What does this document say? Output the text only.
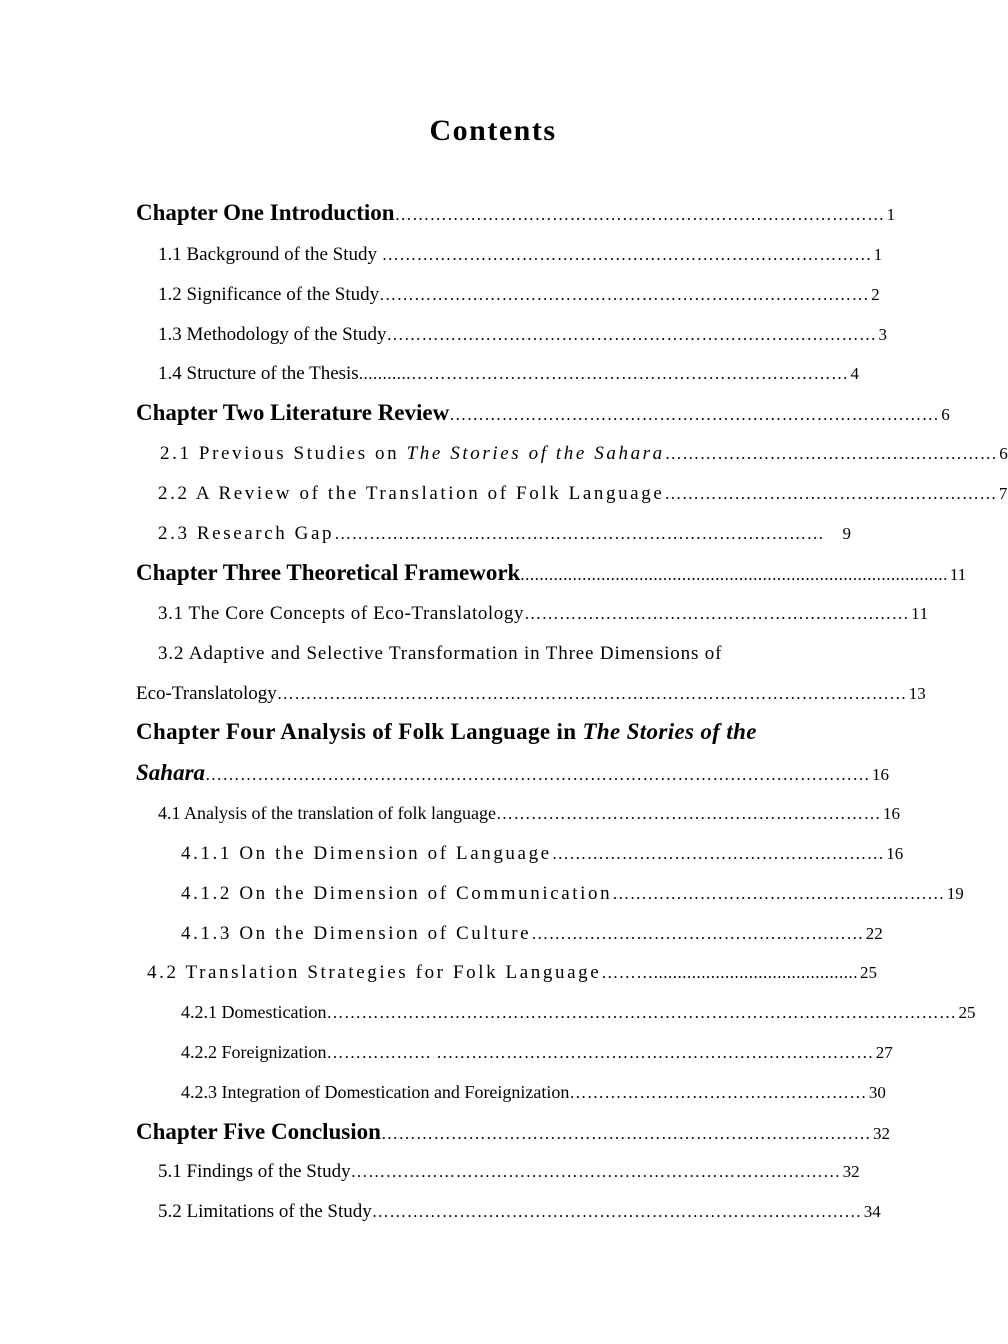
Contents
Chapter One Introduction ………………………………………………………………………… 1
1.1 Background of the Study ………………………………………………………………………… 1
1.2 Significance of the Study ………………………………………………………………………… 2
1.3 Methodology of the Study ………………………………………………………………………… 3
1.4 Structure of the Thesis ...........………………………………………………………………… 4
Chapter Two Literature Review ………………………………………………………………………… 6
2.1 Previous Studies on The Stories of the Sahara ………………………………………………… 6
2.2 A Review of the Translation of Folk Language ………………………………………………… 7
2.3 Research Gap …………………………………………………………………………	9
Chapter Three Theoretical Framework .......................................................................................... 11
3.1 The Core Concepts of Eco-Translatology ………………………………………………………… 11
3.2 Adaptive and Selective Transformation in Three Dimensions of
Eco-Translatology ……………………………………………………………………………………………… 13
Chapter Four Analysis of Folk Language in The Stories of the
Sahara …………………………………………………………………………………………………… 16
4.1 Analysis of the translation of folk language ………………………………………………………… 16
4.1.1 On the Dimension of Language ………………………………………………… 16
4.1.2 On the Dimension of Communication ………………………………………………… 19
4.1.3 On the Dimension of Culture ………………………………………………… 22
4.2 Translation Strategies for Folk Language ………........................................... 25
4.2.1 Domestication ……………………………………………………………………………………………… 25
4.2.2 Foreignization ……………… ………………………………………………………………… 27
4.2.3 Integration of Domestication and Foreignization …………………………………………… 30
Chapter Five Conclusion ………………………………………………………………………… 32
5.1 Findings of the Study ………………………………………………………………………… 32
5.2 Limitations of the Study ………………………………………………………………………… 34
